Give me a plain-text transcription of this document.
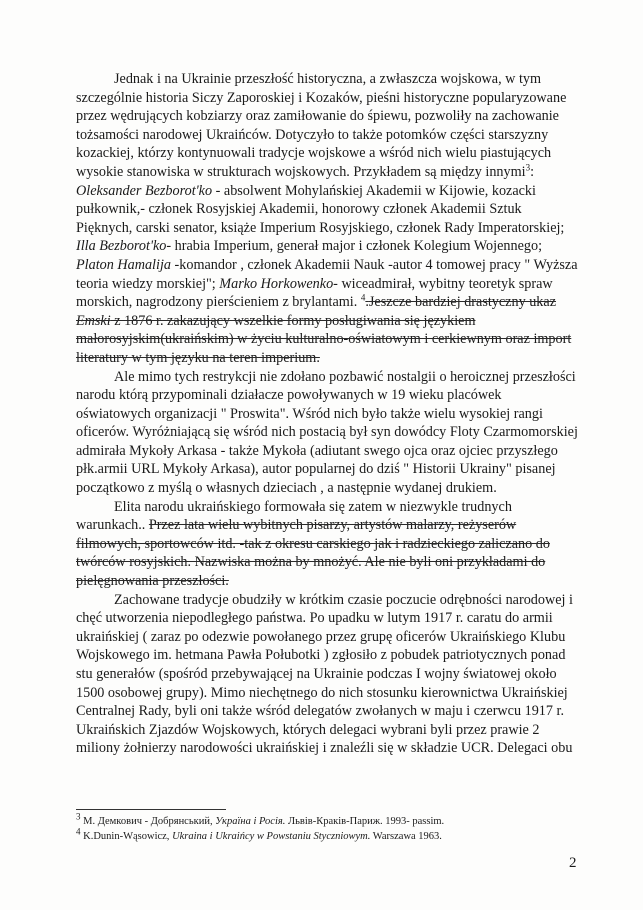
Jednak i na Ukrainie przeszłość historyczna, a zwłaszcza wojskowa, w tym szczególnie historia Siczy Zaporoskiej i Kozaków, pieśni historyczne popularyzowane przez wędrujących kobziarzy oraz zamiłowanie do śpiewu, pozwoliły na zachowanie tożsamości narodowej Ukraińców. Dotyczyło to także potomków części starszyzny kozackiej, którzy kontynuowali tradycje wojskowe a wśród nich wielu piastujących wysokie stanowiska w strukturach wojskowych. Przykładem są między innymi$^3$: Oleksander Bezborot'ko - absolwent Mohylańskiej Akademii w Kijowie, kozacki pułkownik,- członek Rosyjskiej Akademii, honorowy członek Akademii Sztuk Pięknych, carski senator, książe Imperium Rosyjskiego, członek Rady Imperatorskiej; Illa Bezborot'ko- hrabia Imperium, generał major i członek Kolegium Wojennego; Platon Hamalija -komandor , członek Akademii Nauk -autor 4 tomowej pracy " Wyższa teoria wiedzy morskiej"; Marko Horkowenko- wiceadmirał, wybitny teoretyk spraw morskich, nagrodzony pierścieniem z brylantami. $^4$.Jeszcze bardziej drastyczny ukaz Emski z 1876 r. zakazujący wszelkie formy posługiwania się językiem małorosyjskim(ukraińskim) w życiu kulturalno-oświatowym i cerkiewnym oraz import literatury w tym języku na teren imperium.

Ale mimo tych restrykcji nie zdołano pozbawić nostalgii o heroicznej przeszłości narodu którą przypominali działacze powoływanych w 19 wieku placówek oświatowych organizacji " Proswita". Wśród nich było także wielu wysokiej rangi oficerów. Wyróżniającą się wśród nich postacią był syn dowódcy Floty Czarmomorskiej admirała Mykoły Arkasa - także Mykoła (adiutant swego ojca oraz ojciec przyszłego płk.armii URL Mykoły Arkasa), autor popularnej do dziś " Historii Ukrainy" pisanej początkowo z myślą o własnych dzieciach , a następnie wydanej drukiem.

Elita narodu ukraińskiego formowała się zatem w niezwykle trudnych warunkach.. Przez lata wielu wybitnych pisarzy, artystów malarzy, reżyserów filmowych, sportowców itd. -tak z okresu carskiego jak i radzieckiego zaliczano do twórców rosyjskich. Nazwiska można by mnożyć. Ale nie byli oni przykładami do pielęgnowania przeszłości.

Zachowane tradycje obudziły w krótkim czasie poczucie odrębności narodowej i chęć utworzenia niepodległego państwa. Po upadku w lutym 1917 r. caratu do armii ukraińskiej ( zaraz po odezwie powołanego przez grupę oficerów Ukraińskiego Klubu Wojskowego im. hetmana Pawła Połubotki ) zgłosiło z pobudek patriotycznych ponad stu generałów (spośród przebywającej na Ukrainie podczas I wojny światowej około 1500 osobowej grupy). Mimo niechętnego do nich stosunku kierownictwa Ukraińskiej Centralnej Rady, byli oni także wśród delegatów zwołanych w maju i czerwcu 1917 r. Ukraińskich Zjazdów Wojskowych, których delegaci wybrani byli przez prawie 2 miliony żołnierzy narodowości ukraińskiej i znaleźli się w składzie UCR. Delegaci obu

$^3$ М. Демкович - Добрянський, Україна і Росія. Львів-Краків-Париж. 1993- passim.
$^4$ K.Dunin-Wąsowicz, Ukraina i Ukraińcy w Powstaniu Styczniowym. Warszawa 1963.
2
